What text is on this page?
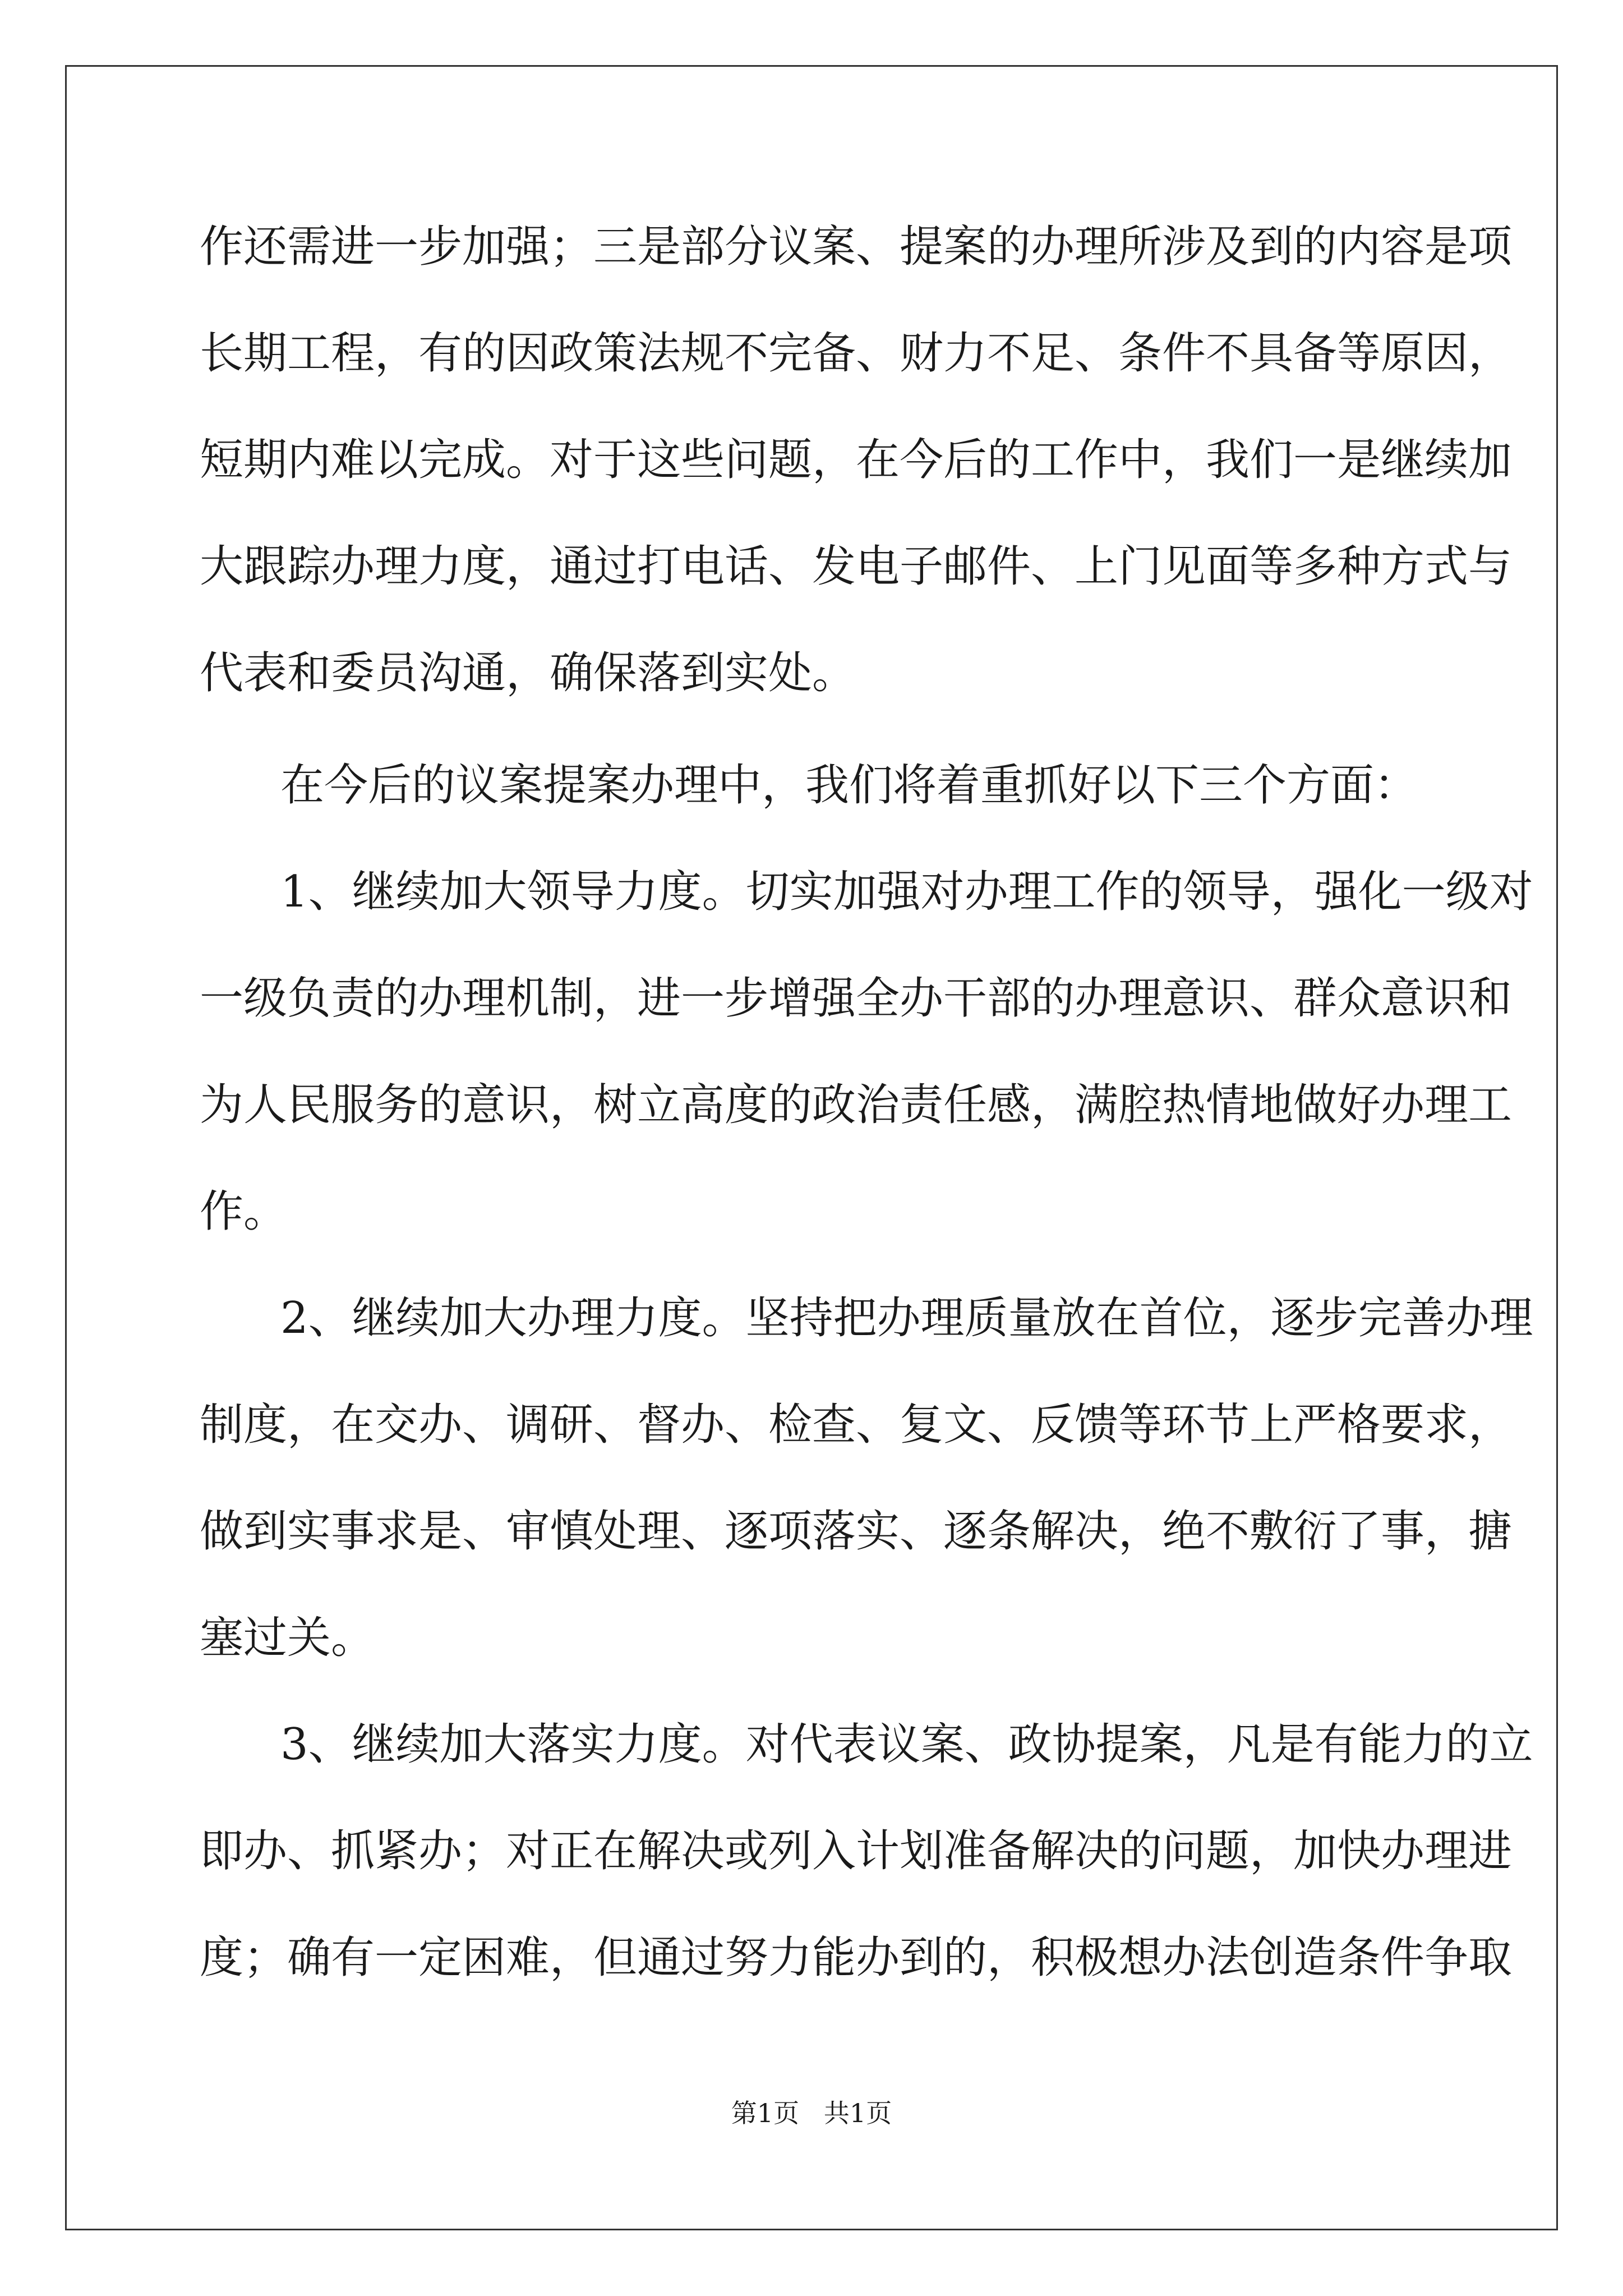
作还需进一步加强；三是部分议案、提案的办理所涉及到的内容是项
长期工程，有的因政策法规不完备、财力不足、条件不具备等原因，
短期内难以完成。对于这些问题，在今后的工作中，我们一是继续加
大跟踪办理力度，通过打电话、发电子邮件、上门见面等多种方式与
代表和委员沟通，确保落到实处。
在今后的议案提案办理中，我们将着重抓好以下三个方面：
1、继续加大领导力度。切实加强对办理工作的领导，强化一级对
一级负责的办理机制，进一步增强全办干部的办理意识、群众意识和
为人民服务的意识，树立高度的政治责任感，满腔热情地做好办理工
作。
2、继续加大办理力度。坚持把办理质量放在首位，逐步完善办理
制度，在交办、调研、督办、检查、复文、反馈等环节上严格要求，
做到实事求是、审慎处理、逐项落实、逐条解决，绝不敷衍了事，搪
塞过关。
3、继续加大落实力度。对代表议案、政协提案，凡是有能力的立
即办、抓紧办；对正在解决或列入计划准备解决的问题，加快办理进
度；确有一定困难，但通过努力能办到的，积极想办法创造条件争取
第1页   共1页
